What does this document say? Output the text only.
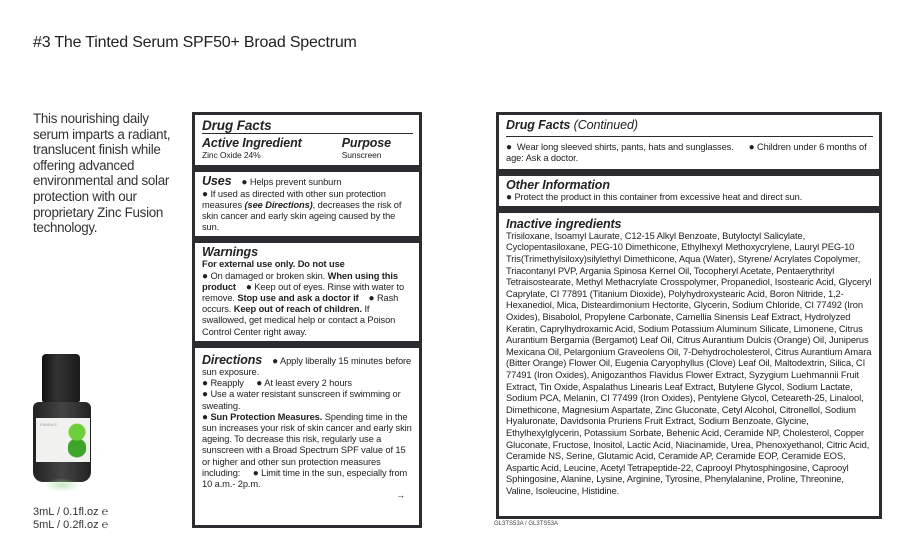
#3 The Tinted Serum SPF50+ Broad Spectrum
This nourishing daily serum imparts a radiant, translucent finish while offering advanced environmental and solar protection with our proprietary Zinc Fusion technology.
EMMALE
3mL / 0.1fl.oz ℮
5mL / 0.2fl.oz ℮
Drug Facts
Active Ingredient
Zinc Oxide 24%
Purpose
Sunscreen
Uses ● Helps prevent sunburn
● If used as directed with other sun protection measures (see Directions), decreases the risk of skin cancer and early skin ageing caused by the sun.
Warnings
For external use only. Do not use
● On damaged or broken skin. When using this product ● Keep out of eyes. Rinse with water to remove. Stop use and ask a doctor if ● Rash occurs. Keep out of reach of children. If swallowed, get medical help or contact a Poison Control Center right away.
Directions ● Apply liberally 15 minutes before sun exposure.
● Reapply ● At least every 2 hours
● Use a water resistant sunscreen if swimming or sweating.
● Sun Protection Measures. Spending time in the sun increases your risk of skin cancer and early skin ageing. To decrease this risk, regularly use a sunscreen with a Broad Spectrum SPF value of 15 or higher and other sun protection measures including: ● Limit time in the sun, especially from 10 a.m.- 2p.m.
→
Drug Facts (Continued)
● Wear long sleeved shirts, pants, hats and sunglasses. ● Children under 6 months of age: Ask a doctor.
Other Information
● Protect the product in this container from excessive heat and direct sun.
Inactive ingredients
Trisiloxane, Isoamyl Laurate, C12-15 Alkyl Benzoate, Butyloctyl Salicylate, Cyclopentasiloxane, PEG-10 Dimethicone, Ethylhexyl Methoxycrylene, Lauryl PEG-10 Tris(Trimethylsiloxy)silylethyl Dimethicone, Aqua (Water), Styrene/ Acrylates Copolymer, Triacontanyl PVP, Argania Spinosa Kernel Oil, Tocopheryl Acetate, Pentaerythrityl Tetraisostearate, Methyl Methacrylate Crosspolymer, Propanediol, Isostearic Acid, Glyceryl Caprylate, CI 77891 (Titanium Dioxide), Polyhydroxystearic Acid, Boron Nitride, 1,2-Hexanediol, Mica, Disteardimonium Hectorite, Glycerin, Sodium Chloride, CI 77492 (Iron Oxides), Bisabolol, Propylene Carbonate, Camellia Sinensis Leaf Extract, Hydrolyzed Keratin, Caprylhydroxamic Acid, Sodium Potassium Aluminum Silicate, Limonene, Citrus Aurantium Bergamia (Bergamot) Leaf Oil, Citrus Aurantium Dulcis (Orange) Oil, Juniperus Mexicana Oil, Pelargonium Graveolens Oil, 7-Dehydrocholesterol, Citrus Aurantium Amara (Bitter Orange) Flower Oil, Eugenia Caryophyllus (Clove) Leaf Oil, Maltodextrin, Silica, CI 77491 (Iron Oxides), Anigozanthos Flavidus Flower Extract, Syzygium Luehmannii Fruit Extract, Tin Oxide, Aspalathus Linearis Leaf Extract, Butylene Glycol, Sodium Lactate, Sodium PCA, Melanin, CI 77499 (Iron Oxides), Pentylene Glycol, Ceteareth-25, Linalool, Dimethicone, Magnesium Aspartate, Zinc Gluconate, Cetyl Alcohol, Citronellol, Sodium Hyaluronate, Davidsonia Pruriens Fruit Extract, Sodium Benzoate, Glycine, Ethylhexylglycerin, Potassium Sorbate, Behenic Acid, Ceramide NP, Cholesterol, Copper Gluconate, Fructose, Inositol, Lactic Acid, Niacinamide, Urea, Phenoxyethanol, Citric Acid, Ceramide NS, Serine, Glutamic Acid, Ceramide AP, Ceramide EOP, Ceramide EOS, Aspartic Acid, Leucine, Acetyl Tetrapeptide-22, Caprooyl Phytosphingosine, Caprooyl Sphingosine, Alanine, Lysine, Arginine, Tyrosine, Phenylalanine, Proline, Threonine, Valine, Isoleucine, Histidine.
GL3TS53A / GL3TS53A
